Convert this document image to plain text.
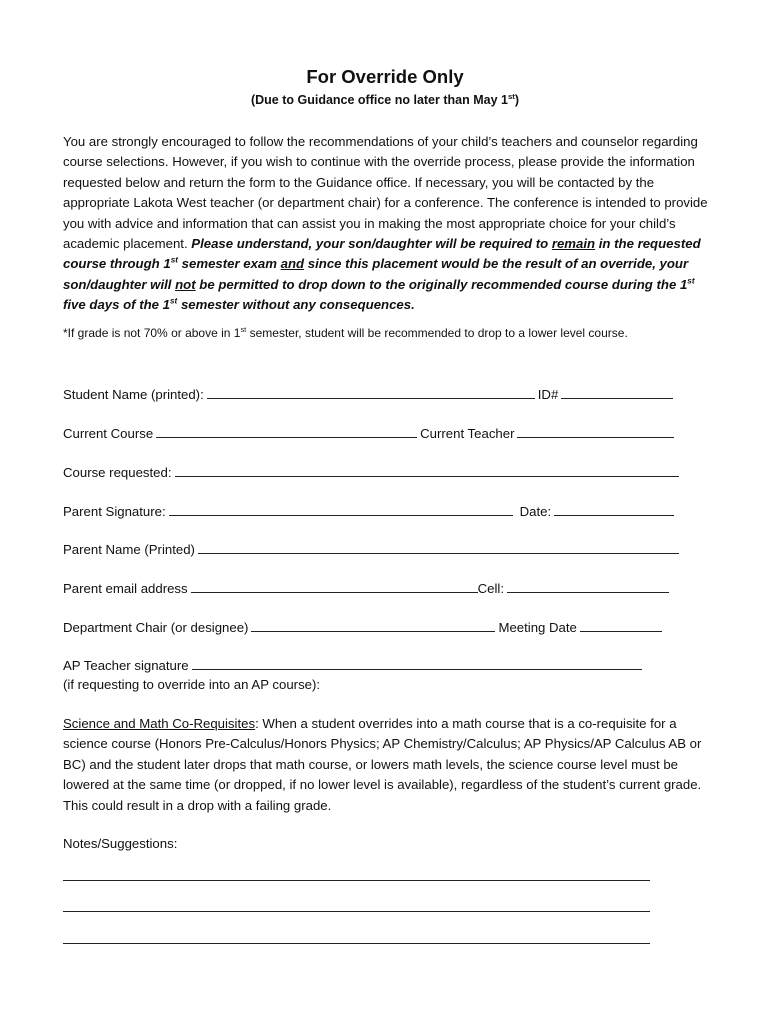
For Override Only

(Due to Guidance office no later than May 1st)

You are strongly encouraged to follow the recommendations of your child’s teachers and counselor regarding course selections. However, if you wish to continue with the override process, please provide the information requested below and return the form to the Guidance office. If necessary, you will be contacted by the appropriate Lakota West teacher (or department chair) for a conference. The conference is intended to provide you with advice and information that can assist you in making the most appropriate choice for your child’s academic placement. Please understand, your son/daughter will be required to remain in the requested course through 1st semester exam and since this placement would be the result of an override, your son/daughter will not be permitted to drop down to the originally recommended course during the 1st five days of the 1st semester without any consequences.

*If grade is not 70% or above in 1st semester, student will be recommended to drop to a lower level course.

Student Name (printed):	ID#
Current Course	Current Teacher
Course requested:
Parent Signature:	Date:
Parent Name (Printed)
Parent email address	Cell:
Department Chair (or designee)	Meeting Date
AP Teacher signature
(if requesting to override into an AP course):

Science and Math Co-Requisites: When a student overrides into a math course that is a co-requisite for a science course (Honors Pre-Calculus/Honors Physics; AP Chemistry/Calculus; AP Physics/AP Calculus AB or BC) and the student later drops that math course, or lowers math levels, the science course level must be lowered at the same time (or dropped, if no lower level is available), regardless of the student’s current grade. This could result in a drop with a failing grade.

Notes/Suggestions:
